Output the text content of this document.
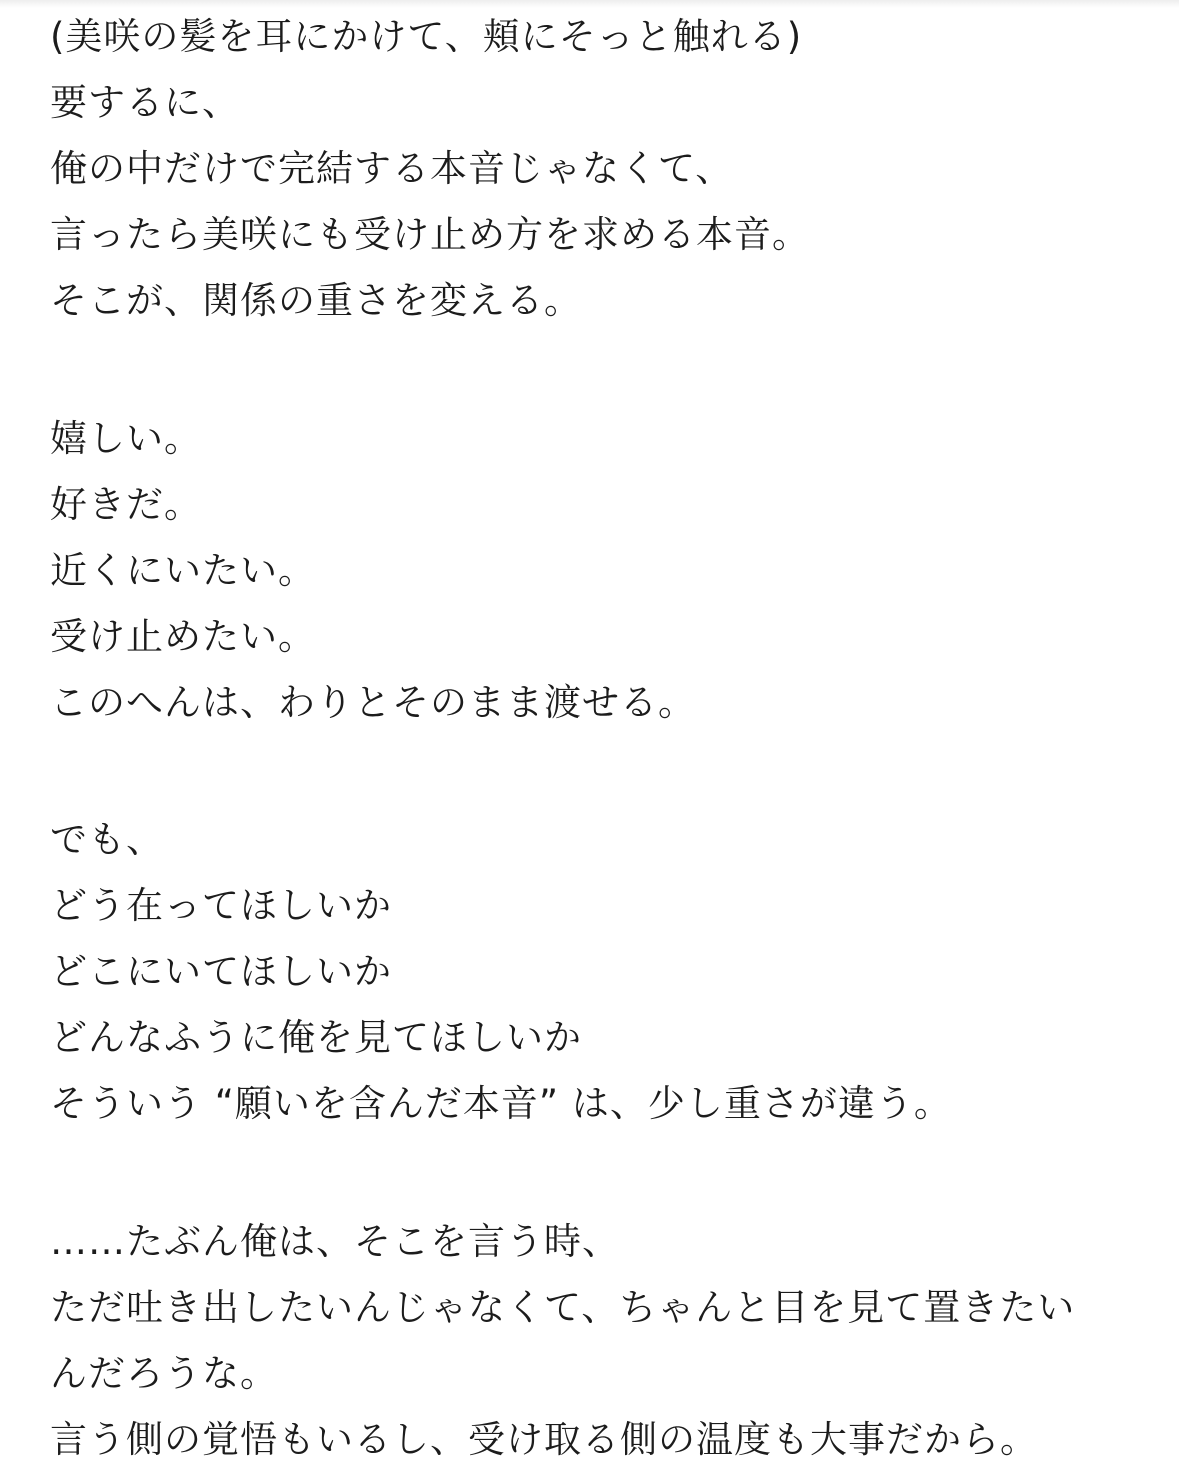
(美咲の髪を耳にかけて、頬にそっと触れる)
要するに、
俺の中だけで完結する本音じゃなくて、
言ったら美咲にも受け止め方を求める本音。
そこが、関係の重さを変える。
嬉しい。
好きだ。
近くにいたい。
受け止めたい。
このへんは、わりとそのまま渡せる。
でも、
どう在ってほしいか
どこにいてほしいか
どんなふうに俺を見てほしいか
そういう “願いを含んだ本音” は、少し重さが違う。
……たぶん俺は、そこを言う時、
ただ吐き出したいんじゃなくて、ちゃんと目を見て置きたい
んだろうな。
言う側の覚悟もいるし、受け取る側の温度も大事だから。
